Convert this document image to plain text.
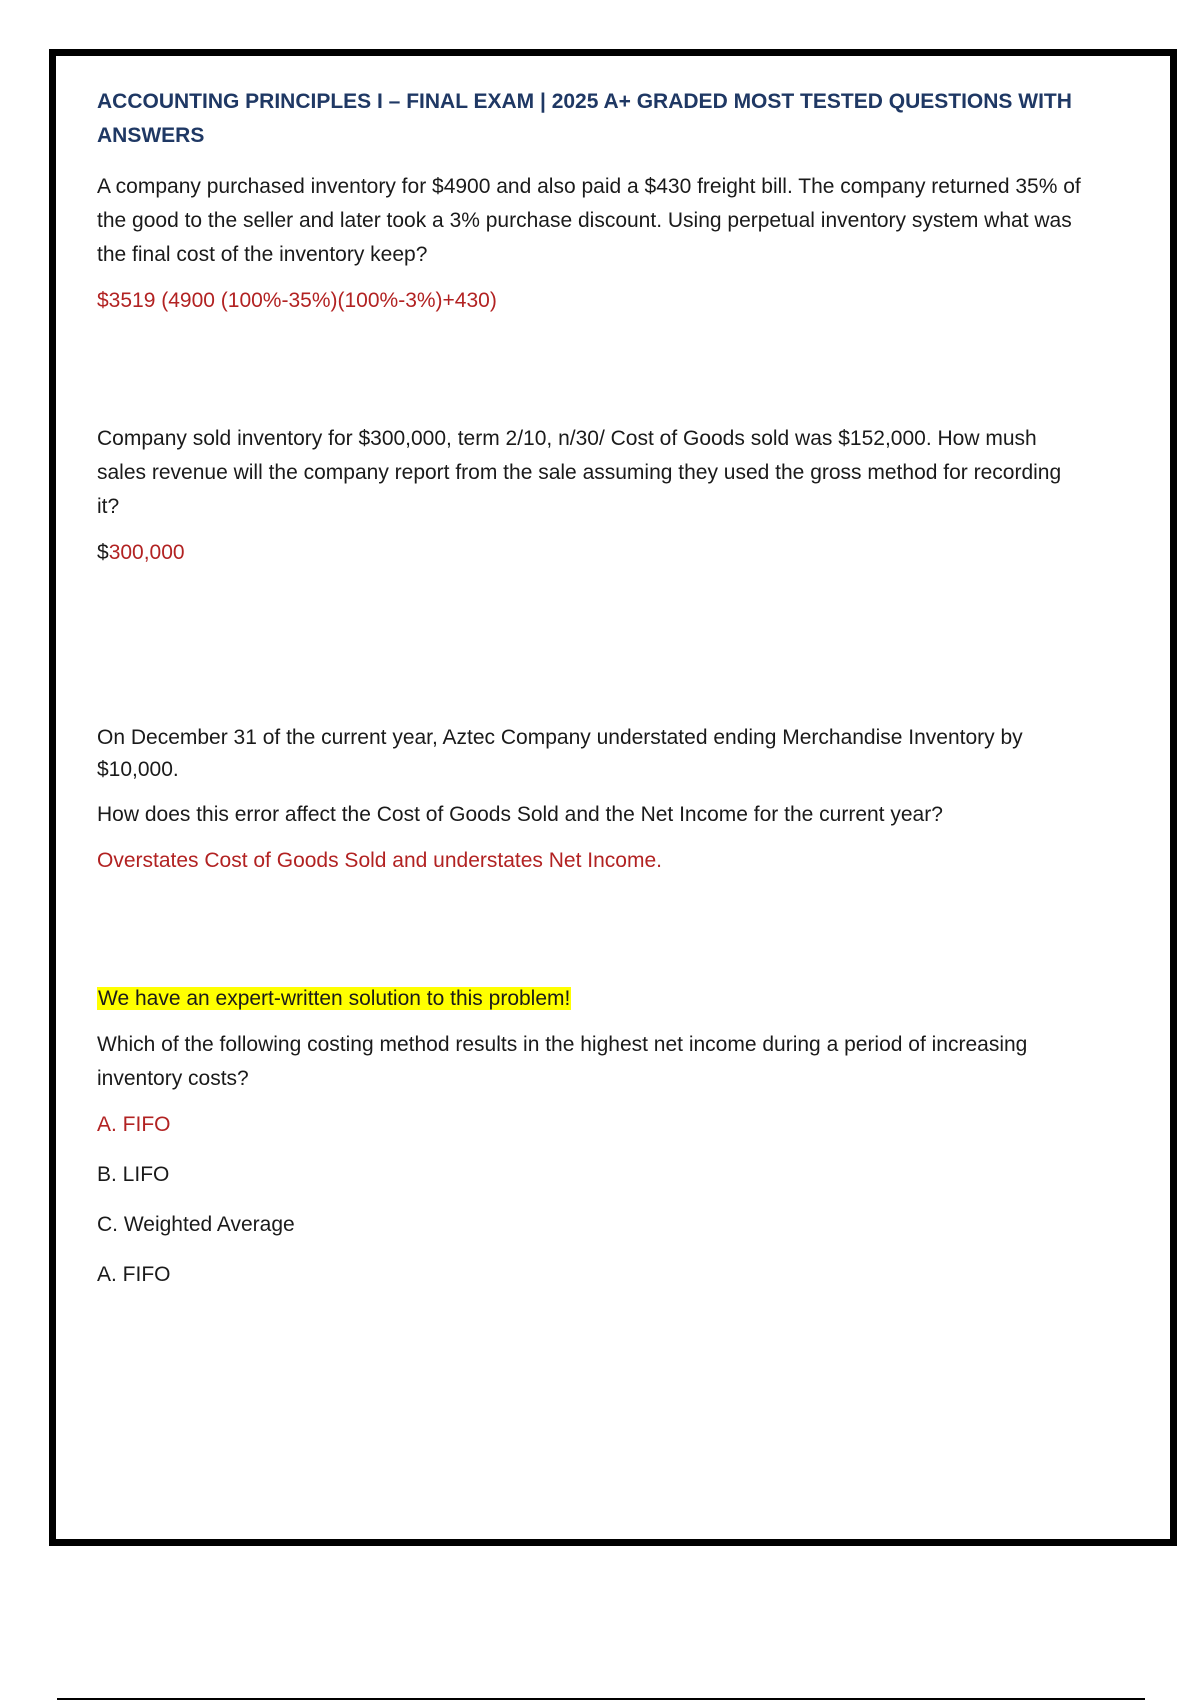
ACCOUNTING PRINCIPLES I – FINAL EXAM | 2025 A+ GRADED MOST TESTED QUESTIONS WITH ANSWERS

A company purchased inventory for $4900 and also paid a $430 freight bill. The company returned 35% of the good to the seller and later took a 3% purchase discount. Using perpetual inventory system what was the final cost of the inventory keep?

$3519 (4900 (100%-35%)(100%-3%)+430)

Company sold inventory for $300,000, term 2/10, n/30/ Cost of Goods sold was $152,000. How mush sales revenue will the company report from the sale assuming they used the gross method for recording it?

$300,000

On December 31 of the current year, Aztec Company understated ending Merchandise Inventory by $10,000.

How does this error affect the Cost of Goods Sold and the Net Income for the current year?

Overstates Cost of Goods Sold and understates Net Income.

We have an expert-written solution to this problem!

Which of the following costing method results in the highest net income during a period of increasing inventory costs?

A. FIFO

B. LIFO

C. Weighted Average

A. FIFO
